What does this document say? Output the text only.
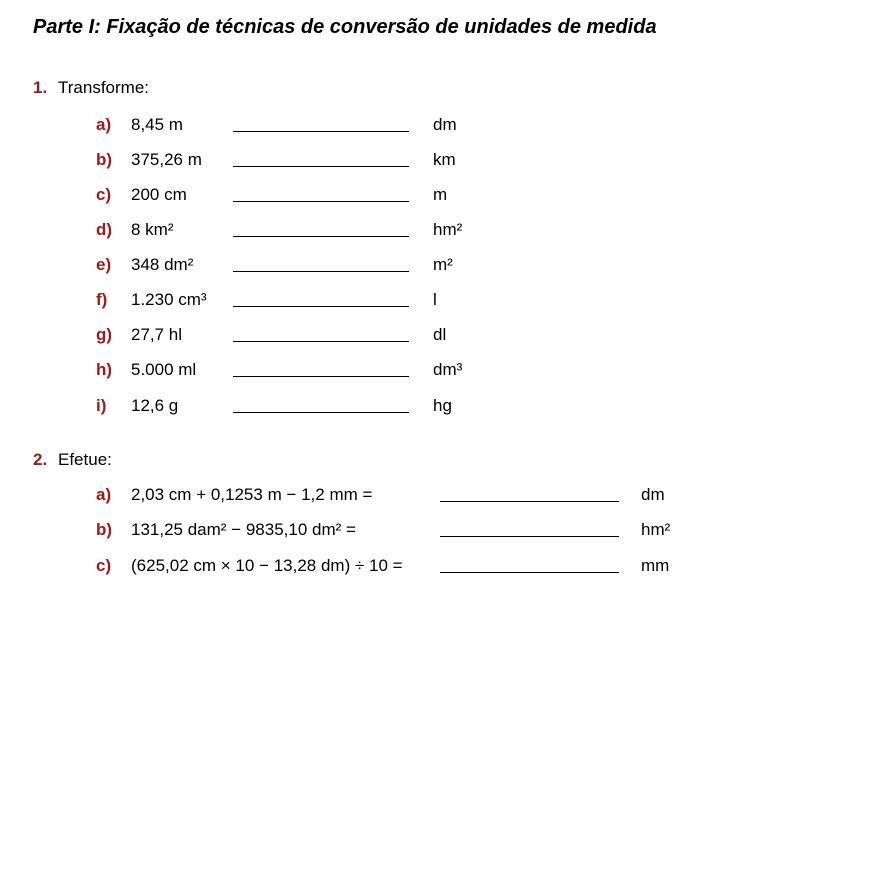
Parte I: Fixação de técnicas de conversão de unidades de medida
1. Transforme:
a) 8,45 m	dm
b) 375,26 m	km
c) 200 cm	m
d) 8 km²	hm²
e) 348 dm²	m²
f) 1.230 cm³	l
g) 27,7 hl	dl
h) 5.000 ml	dm³
i) 12,6 g	hg
2. Efetue:
a) 2,03 cm + 0,1253 m − 1,2 mm =	dm
b) 131,25 dam² − 9835,10 dm² =	hm²
c) (625,02 cm × 10 − 13,28 dm) ÷ 10 =	mm
